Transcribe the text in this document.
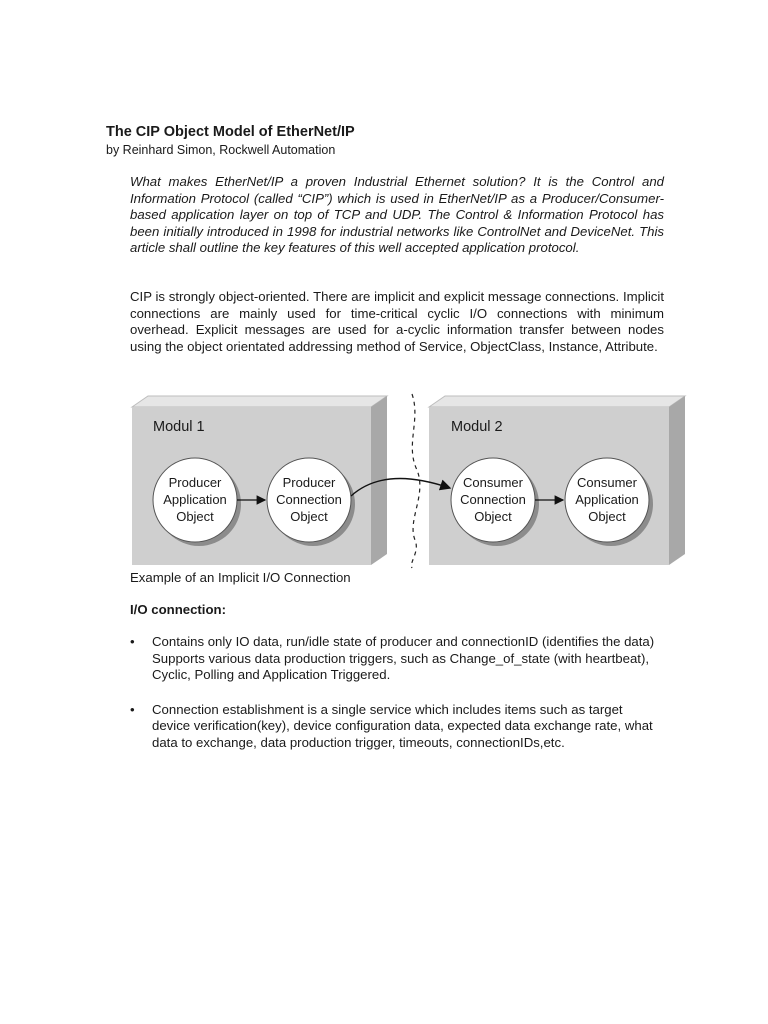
The CIP Object Model of EtherNet/IP
by Reinhard Simon, Rockwell Automation

What makes EtherNet/IP a proven Industrial Ethernet solution? It is the Control and Information Protocol (called “CIP”) which is used in EtherNet/IP as a Producer/Consumer-based application layer on top of TCP and UDP. The Control & Information Protocol has been initially introduced in 1998 for industrial networks like ControlNet and DeviceNet. This article shall outline the key features of this well accepted application protocol.

CIP is strongly object-oriented. There are implicit and explicit message connections. Implicit connections are mainly used for time-critical cyclic I/O connections with minimum overhead. Explicit messages are used for a-cyclic information transfer between nodes using the object orientated addressing method of Service, ObjectClass, Instance, Attribute.

Modul 1	Modul 2
Producer
Application
Object
Producer
Connection
Object
Consumer
Connection
Object
Consumer
Application
Object
Example of an Implicit I/O Connection
I/O connection:
• Contains only IO data, run/idle state of producer and connectionID (identifies the data) Supports various data production triggers, such as Change_of_state (with heartbeat), Cyclic, Polling and Application Triggered.
• Connection establishment is a single service which includes items such as target device verification(key), device configuration data, expected data exchange rate, what data to exchange, data production trigger, timeouts, connectionIDs,etc.
